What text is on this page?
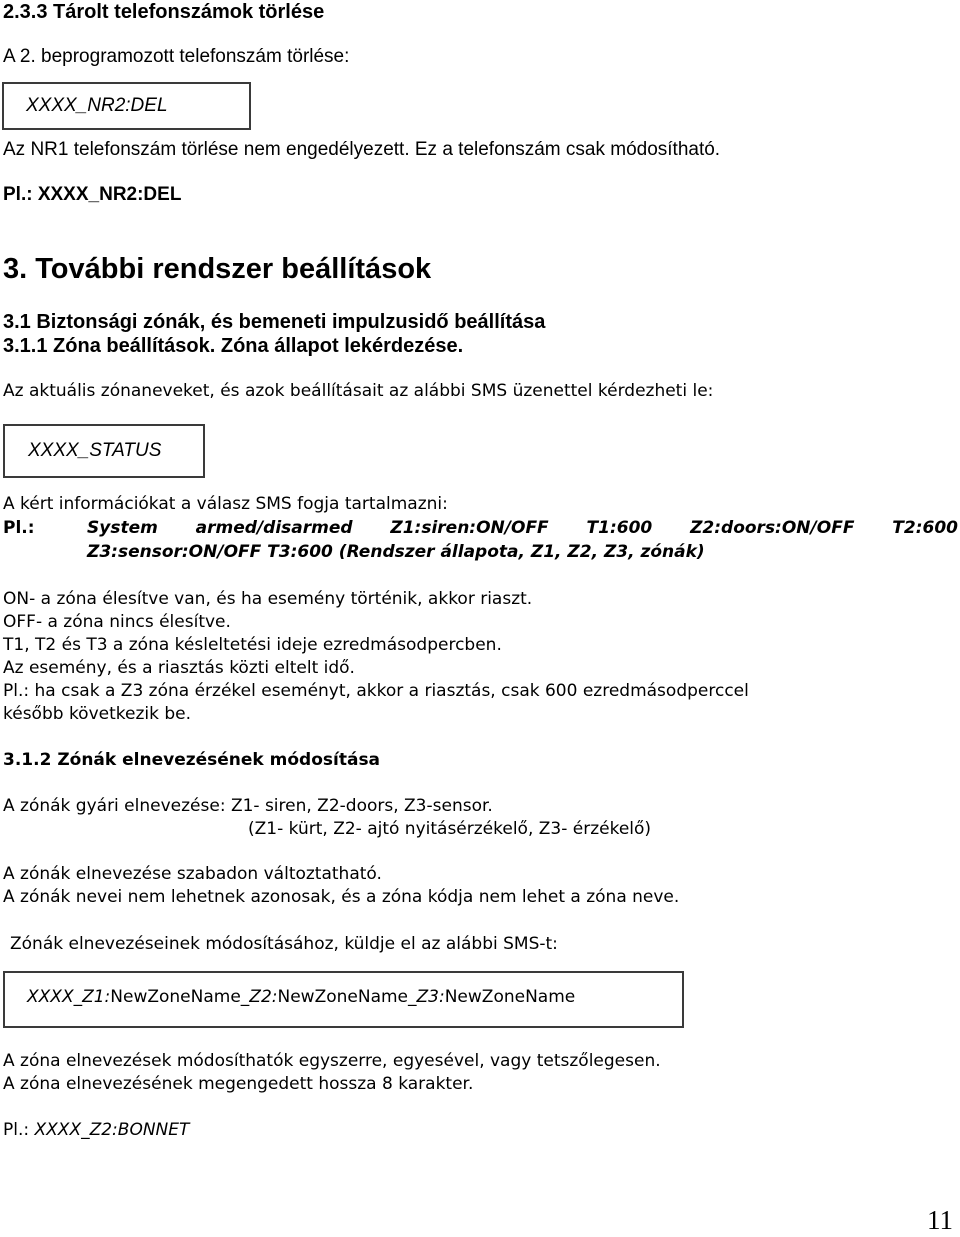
2.3.3 Tárolt telefonszámok törlése
A 2. beprogramozott telefonszám törlése:
XXXX_NR2:DEL
Az NR1 telefonszám törlése nem engedélyezett. Ez a telefonszám csak módosítható.
Pl.: XXXX_NR2:DEL
3. További rendszer beállítások
3.1 Biztonsági zónák, és bemeneti impulzusidő beállítása
3.1.1 Zóna beállítások. Zóna állapot lekérdezése.
Az aktuális zónaneveket, és azok beállításait az alábbi SMS üzenettel kérdezheti le:
XXXX_STATUS
A kért információkat a válasz SMS fogja tartalmazni:
Pl.:	System armed/disarmed Z1:siren:ON/OFF T1:600 Z2:doors:ON/OFF T2:600
Z3:sensor:ON/OFF T3:600 (Rendszer állapota, Z1, Z2, Z3, zónák)
ON- a zóna élesítve van, és ha esemény történik, akkor riaszt.
OFF- a zóna nincs élesítve.
T1, T2 és T3 a zóna késleltetési ideje ezredmásodpercben.
Az esemény, és a riasztás közti eltelt idő.
Pl.: ha csak a Z3 zóna érzékel eseményt, akkor a riasztás, csak 600 ezredmásodperccel
később következik be.
3.1.2 Zónák elnevezésének módosítása
A zónák gyári elnevezése: Z1- siren, Z2-doors, Z3-sensor.
(Z1- kürt, Z2- ajtó nyitásérzékelő, Z3- érzékelő)
A zónák elnevezése szabadon változtatható.
A zónák nevei nem lehetnek azonosak, és a zóna kódja nem lehet a zóna neve.
Zónák elnevezéseinek módosításához, küldje el az alábbi SMS-t:
XXXX_Z1:NewZoneName_Z2:NewZoneName_Z3:NewZoneName
A zóna elnevezések módosíthatók egyszerre, egyesével, vagy tetszőlegesen.
A zóna elnevezésének megengedett hossza 8 karakter.
Pl.: XXXX_Z2:BONNET
11
